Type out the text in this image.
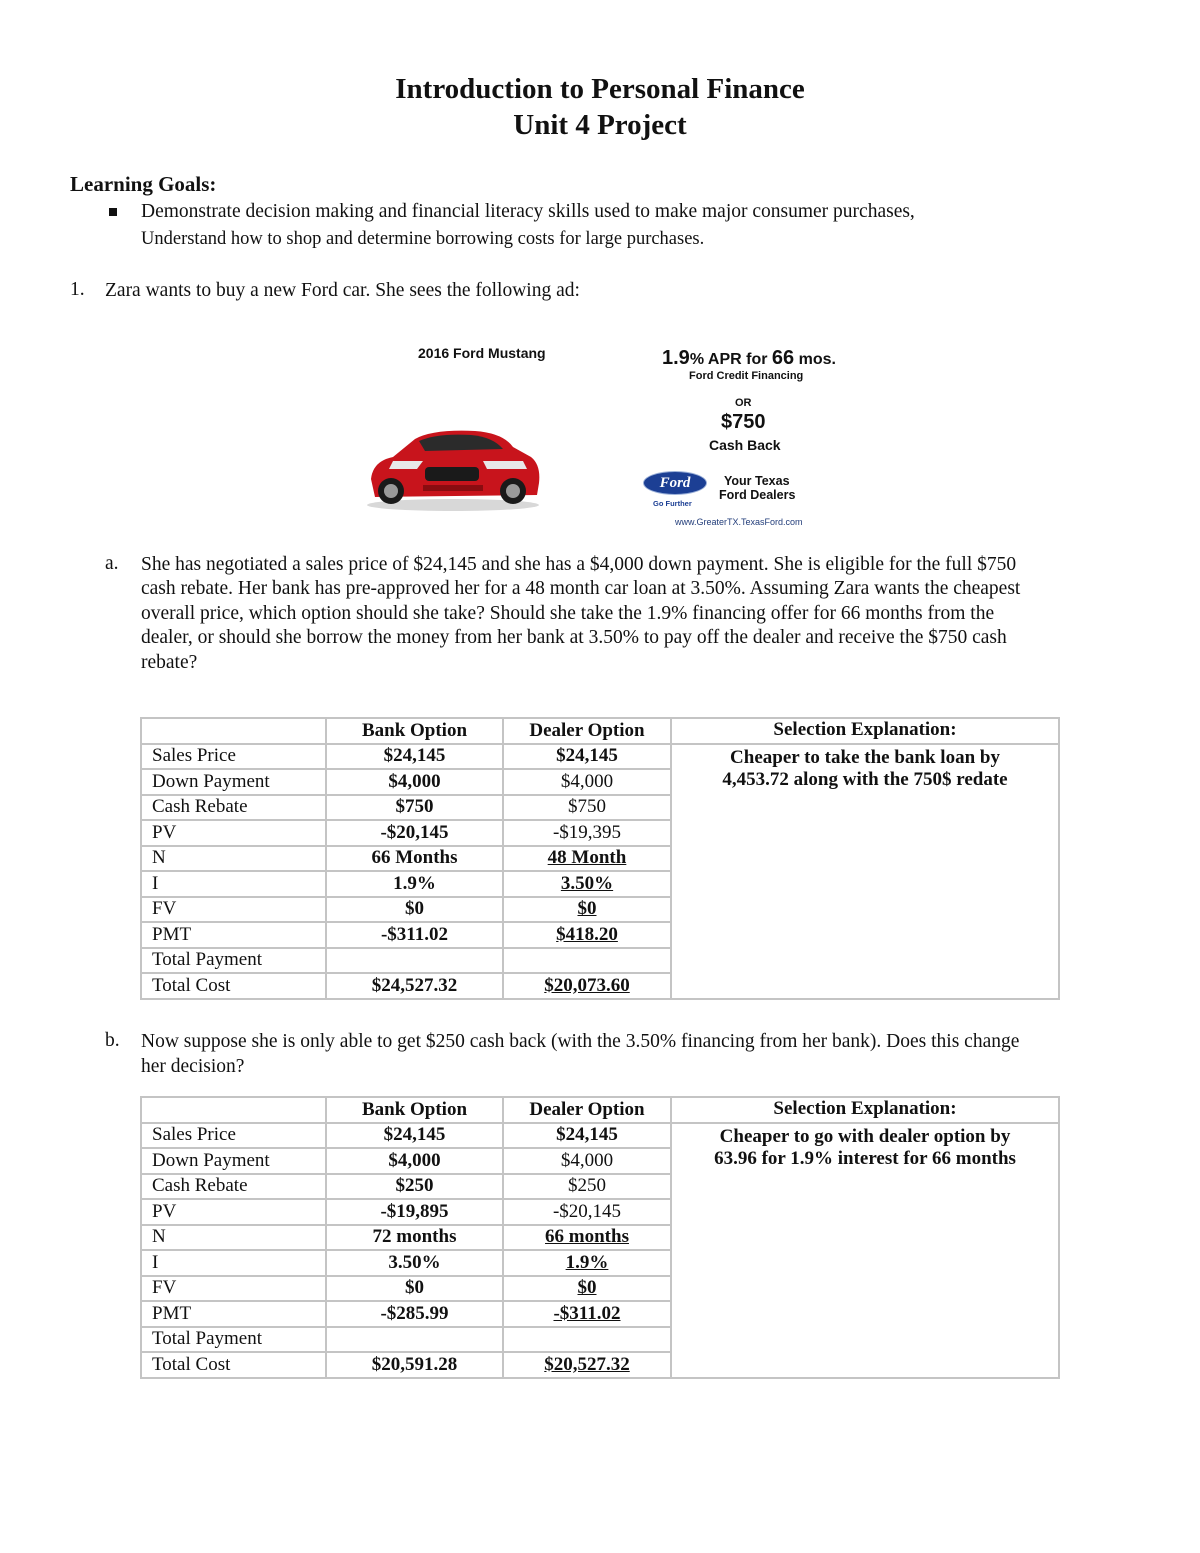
Introduction to Personal Finance
Unit 4 Project
Learning Goals:
Demonstrate decision making and financial literacy skills used to make major consumer purchases,
Understand how to shop and determine borrowing costs for large purchases.
1. Zara wants to buy a new Ford car. She sees the following ad:
2016 Ford Mustang	1.9% APR for 66 mos.
Ford Credit Financing
OR
$750
Cash Back
Ford
Go Further
Your Texas
Ford Dealers
www.GreaterTX.TexasFord.com
a. She has negotiated a sales price of $24,145 and she has a $4,000 down payment. She is eligible for the full $750
cash rebate. Her bank has pre-approved her for a 48 month car loan at 3.50%. Assuming Zara wants the cheapest
overall price, which option should she take? Should she take the 1.9% financing offer for 66 months from the
dealer, or should she borrow the money from her bank at 3.50% to pay off the dealer and receive the $750 cash
rebate?
	Bank Option	Dealer Option	Selection Explanation:
Sales Price	$24,145	$24,145	Cheaper to take the bank loan by
4,453.72 along with the 750$ redate

Down Payment	$4,000	$4,000	
Cash Rebate	$750	$750	
PV	-$20,145	-$19,395	
N	66 Months	48 Month	
I	1.9%	3.50%	
FV	$0	$0	
PMT	-$311.02	$418.20	
Total Payment			
Total Cost	$24,527.32	$20,073.60	
b. Now suppose she is only able to get $250 cash back (with the 3.50% financing from her bank). Does this change
her decision?
	Bank Option	Dealer Option	Selection Explanation:
Sales Price	$24,145	$24,145	Cheaper to go with dealer option by
63.96 for 1.9% interest for 66 months

Down Payment	$4,000	$4,000	
Cash Rebate	$250	$250	
PV	-$19,895	-$20,145	
N	72 months	66 months	
I	3.50%	1.9%	
FV	$0	$0	
PMT	-$285.99	-$311.02	
Total Payment			
Total Cost	$20,591.28	$20,527.32	
